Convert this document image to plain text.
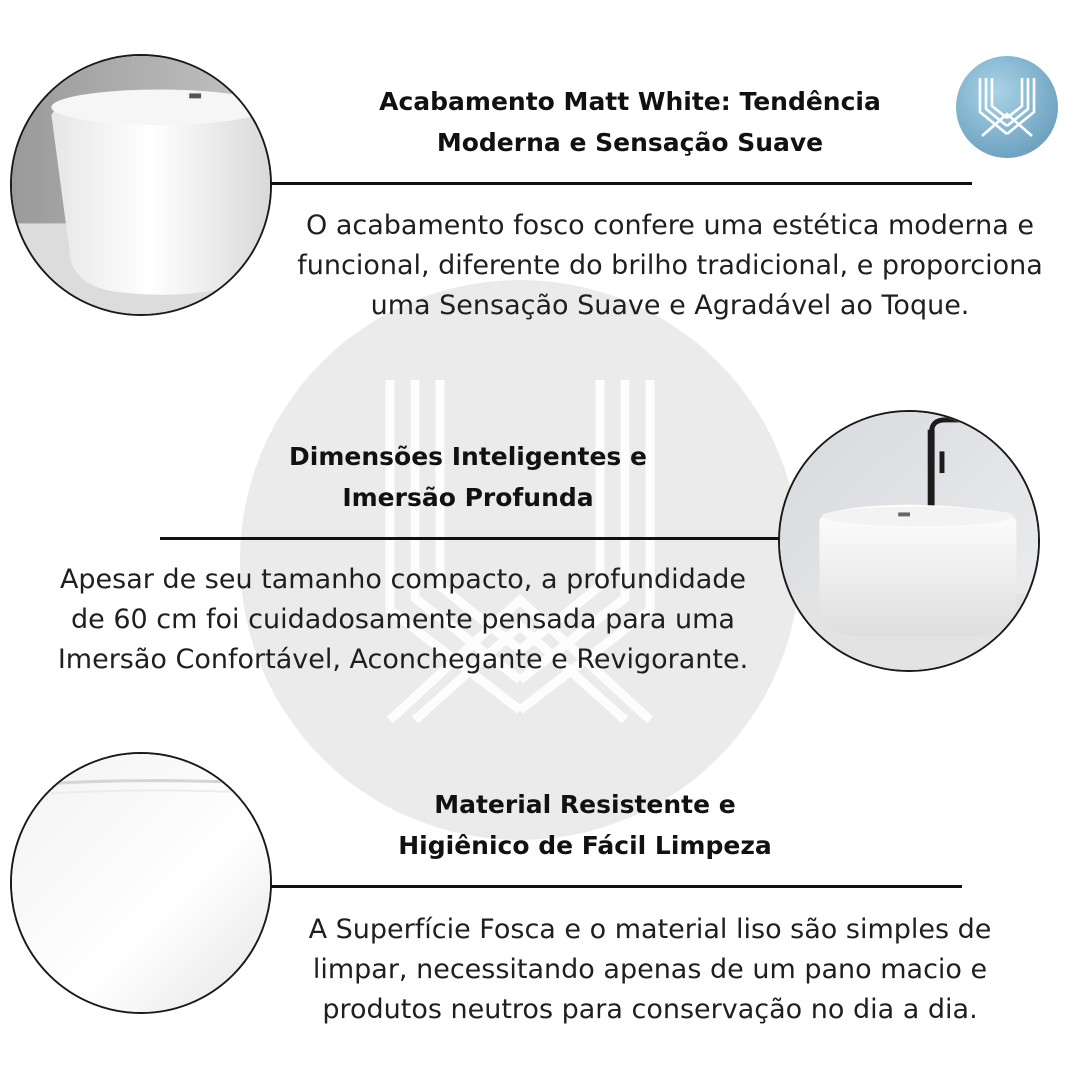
Acabamento Matt White: Tendência
Moderna e Sensação Suave
O acabamento fosco confere uma estética moderna e
funcional, diferente do brilho tradicional, e proporciona
uma Sensação Suave e Agradável ao Toque.
Dimensões Inteligentes e
Imersão Profunda
Apesar de seu tamanho compacto, a profundidade
de 60 cm foi cuidadosamente pensada para uma
Imersão Confortável, Aconchegante e Revigorante.
Material Resistente e
Higiênico de Fácil Limpeza
A Superfície Fosca e o material liso são simples de
limpar, necessitando apenas de um pano macio e
produtos neutros para conservação no dia a dia.
